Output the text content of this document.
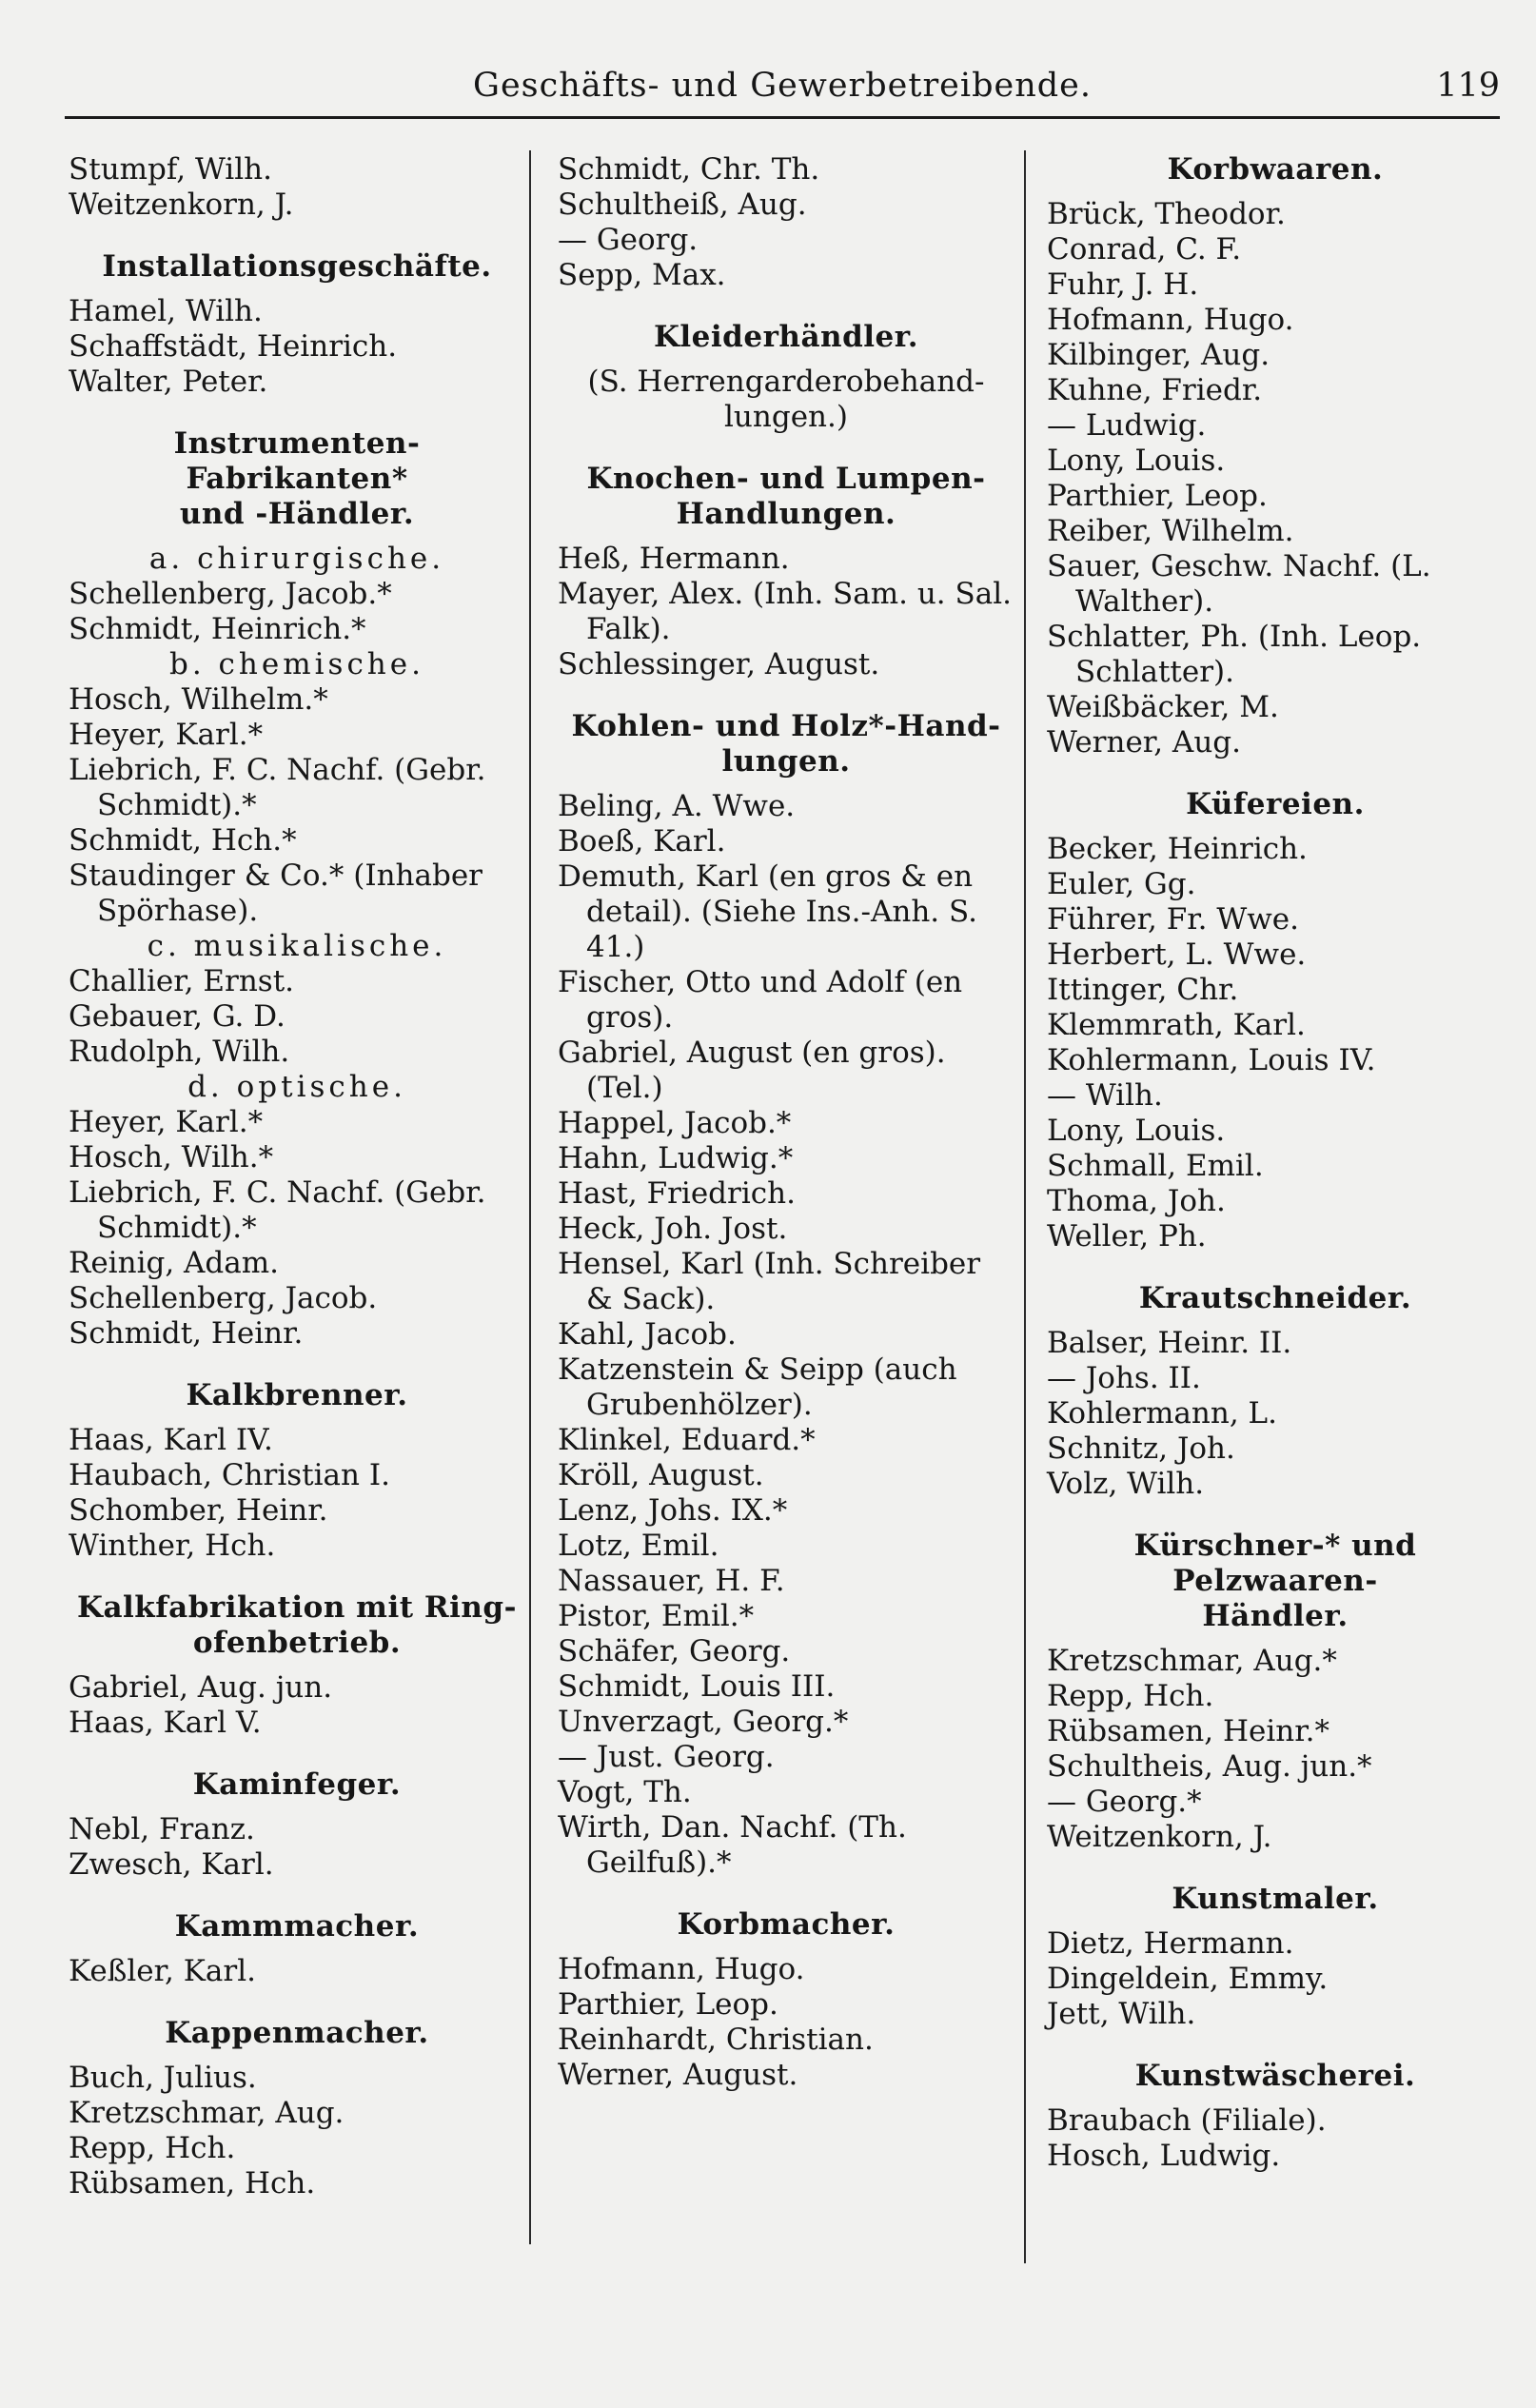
Geschäfts- und Gewerbetreibende.	119
Stumpf, Wilh.
Weitzenkorn, J.
Installationsgeschäfte.
Hamel, Wilh.
Schaffstädt, Heinrich.
Walter, Peter.
Instrumenten-Fabrikanten*
und -Händler.
a. chirurgische.
Schellenberg, Jacob.*
Schmidt, Heinrich.*
b. chemische.
Hosch, Wilhelm.*
Heyer, Karl.*
Liebrich, F. C. Nachf. (Gebr. Schmidt).*
Schmidt, Hch.*
Staudinger & Co.* (Inhaber Spörhase).
c. musikalische.
Challier, Ernst.
Gebauer, G. D.
Rudolph, Wilh.
d. optische.
Heyer, Karl.*
Hosch, Wilh.*
Liebrich, F. C. Nachf. (Gebr. Schmidt).*
Reinig, Adam.
Schellenberg, Jacob.
Schmidt, Heinr.
Kalkbrenner.
Haas, Karl IV.
Haubach, Christian I.
Schomber, Heinr.
Winther, Hch.
Kalkfabrikation mit Ring-
ofenbetrieb.
Gabriel, Aug. jun.
Haas, Karl V.
Kaminfeger.
Nebl, Franz.
Zwesch, Karl.
Kammmacher.
Keßler, Karl.
Kappenmacher.
Buch, Julius.
Kretzschmar, Aug.
Repp, Hch.
Rübsamen, Hch.
Schmidt, Chr. Th.
Schultheiß, Aug.
— Georg.
Sepp, Max.
Kleiderhändler.
(S. Herrengarderobehand-lungen.)
Knochen- und Lumpen-
Handlungen.
Heß, Hermann.
Mayer, Alex. (Inh. Sam. u. Sal. Falk).
Schlessinger, August.
Kohlen- und Holz*-Hand-
lungen.
Beling, A. Wwe.
Boeß, Karl.
Demuth, Karl (en gros & en detail). (Siehe Ins.-Anh. S. 41.)
Fischer, Otto und Adolf (en gros).
Gabriel, August (en gros). (Tel.)
Happel, Jacob.*
Hahn, Ludwig.*
Hast, Friedrich.
Heck, Joh. Jost.
Hensel, Karl (Inh. Schreiber & Sack).
Kahl, Jacob.
Katzenstein & Seipp (auch Grubenhölzer).
Klinkel, Eduard.*
Kröll, August.
Lenz, Johs. IX.*
Lotz, Emil.
Nassauer, H. F.
Pistor, Emil.*
Schäfer, Georg.
Schmidt, Louis III.
Unverzagt, Georg.*
— Just. Georg.
Vogt, Th.
Wirth, Dan. Nachf. (Th. Geilfuß).*
Korbmacher.
Hofmann, Hugo.
Parthier, Leop.
Reinhardt, Christian.
Werner, August.
Korbwaaren.
Brück, Theodor.
Conrad, C. F.
Fuhr, J. H.
Hofmann, Hugo.
Kilbinger, Aug.
Kuhne, Friedr.
— Ludwig.
Lony, Louis.
Parthier, Leop.
Reiber, Wilhelm.
Sauer, Geschw. Nachf. (L. Walther).
Schlatter, Ph. (Inh. Leop. Schlatter).
Weißbäcker, M.
Werner, Aug.
Küfereien.
Becker, Heinrich.
Euler, Gg.
Führer, Fr. Wwe.
Herbert, L. Wwe.
Ittinger, Chr.
Klemmrath, Karl.
Kohlermann, Louis IV.
— Wilh.
Lony, Louis.
Schmall, Emil.
Thoma, Joh.
Weller, Ph.
Krautschneider.
Balser, Heinr. II.
— Johs. II.
Kohlermann, L.
Schnitz, Joh.
Volz, Wilh.
Kürschner-* und Pelzwaaren-
Händler.
Kretzschmar, Aug.*
Repp, Hch.
Rübsamen, Heinr.*
Schultheis, Aug. jun.*
— Georg.*
Weitzenkorn, J.
Kunstmaler.
Dietz, Hermann.
Dingeldein, Emmy.
Jett, Wilh.
Kunstwäscherei.
Braubach (Filiale).
Hosch, Ludwig.
